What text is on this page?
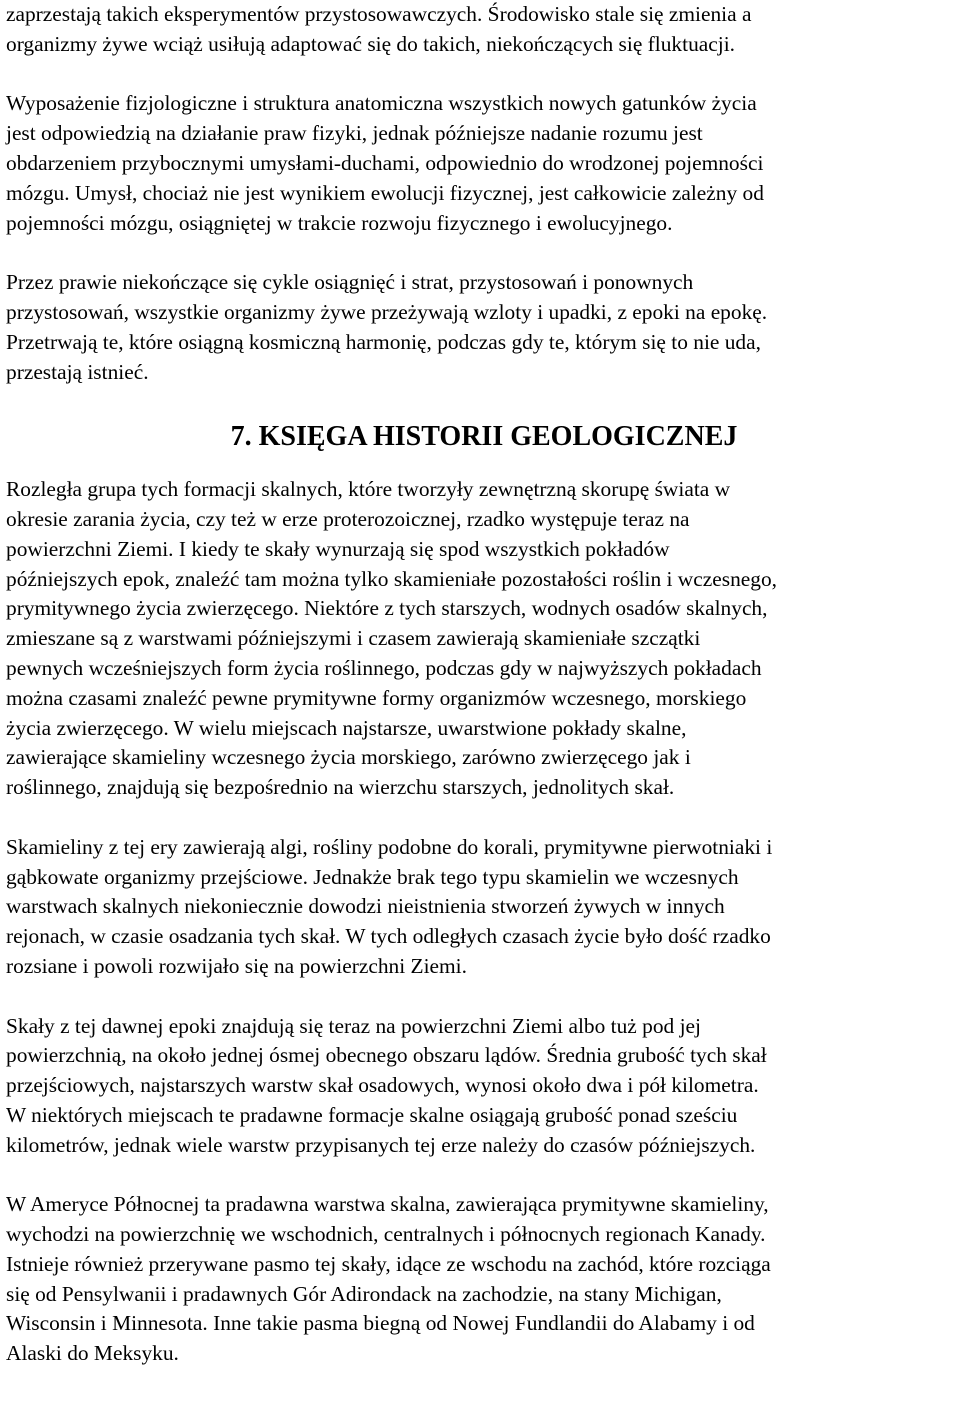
zaprzestają takich eksperymentów przystosowawczych. Środowisko stale się zmienia a
organizmy żywe wciąż usiłują adaptować się do takich, niekończących się fluktuacji.

Wyposażenie fizjologiczne i struktura anatomiczna wszystkich nowych gatunków życia
jest odpowiedzią na działanie praw fizyki, jednak późniejsze nadanie rozumu jest
obdarzeniem przybocznymi umysłami-duchami, odpowiednio do wrodzonej pojemności
mózgu. Umysł, chociaż nie jest wynikiem ewolucji fizycznej, jest całkowicie zależny od
pojemności mózgu, osiągniętej w trakcie rozwoju fizycznego i ewolucyjnego.

Przez prawie niekończące się cykle osiągnięć i strat, przystosowań i ponownych
przystosowań, wszystkie organizmy żywe przeżywają wzloty i upadki, z epoki na epokę.
Przetrwają te, które osiągną kosmiczną harmonię, podczas gdy te, którym się to nie uda,
przestają istnieć.

7. KSIĘGA HISTORII GEOLOGICZNEJ

Rozległa grupa tych formacji skalnych, które tworzyły zewnętrzną skorupę świata w
okresie zarania życia, czy też w erze proterozoicznej, rzadko występuje teraz na
powierzchni Ziemi. I kiedy te skały wynurzają się spod wszystkich pokładów
późniejszych epok, znaleźć tam można tylko skamieniałe pozostałości roślin i wczesnego,
prymitywnego życia zwierzęcego. Niektóre z tych starszych, wodnych osadów skalnych,
zmieszane są z warstwami późniejszymi i czasem zawierają skamieniałe szczątki
pewnych wcześniejszych form życia roślinnego, podczas gdy w najwyższych pokładach
można czasami znaleźć pewne prymitywne formy organizmów wczesnego, morskiego
życia zwierzęcego. W wielu miejscach najstarsze, uwarstwione pokłady skalne,
zawierające skamieliny wczesnego życia morskiego, zarówno zwierzęcego jak i
roślinnego, znajdują się bezpośrednio na wierzchu starszych, jednolitych skał.

Skamieliny z tej ery zawierają algi, rośliny podobne do korali, prymitywne pierwotniaki i
gąbkowate organizmy przejściowe. Jednakże brak tego typu skamielin we wczesnych
warstwach skalnych niekoniecznie dowodzi nieistnienia stworzeń żywych w innych
rejonach, w czasie osadzania tych skał. W tych odległych czasach życie było dość rzadko
rozsiane i powoli rozwijało się na powierzchni Ziemi.

Skały z tej dawnej epoki znajdują się teraz na powierzchni Ziemi albo tuż pod jej
powierzchnią, na około jednej ósmej obecnego obszaru lądów. Średnia grubość tych skał
przejściowych, najstarszych warstw skał osadowych, wynosi około dwa i pół kilometra.
W niektórych miejscach te pradawne formacje skalne osiągają grubość ponad sześciu
kilometrów, jednak wiele warstw przypisanych tej erze należy do czasów późniejszych.

W Ameryce Północnej ta pradawna warstwa skalna, zawierająca prymitywne skamieliny,
wychodzi na powierzchnię we wschodnich, centralnych i północnych regionach Kanady.
Istnieje również przerywane pasmo tej skały, idące ze wschodu na zachód, które rozciąga
się od Pensylwanii i pradawnych Gór Adirondack na zachodzie, na stany Michigan,
Wisconsin i Minnesota. Inne takie pasma biegną od Nowej Fundlandii do Alabamy i od
Alaski do Meksyku.
